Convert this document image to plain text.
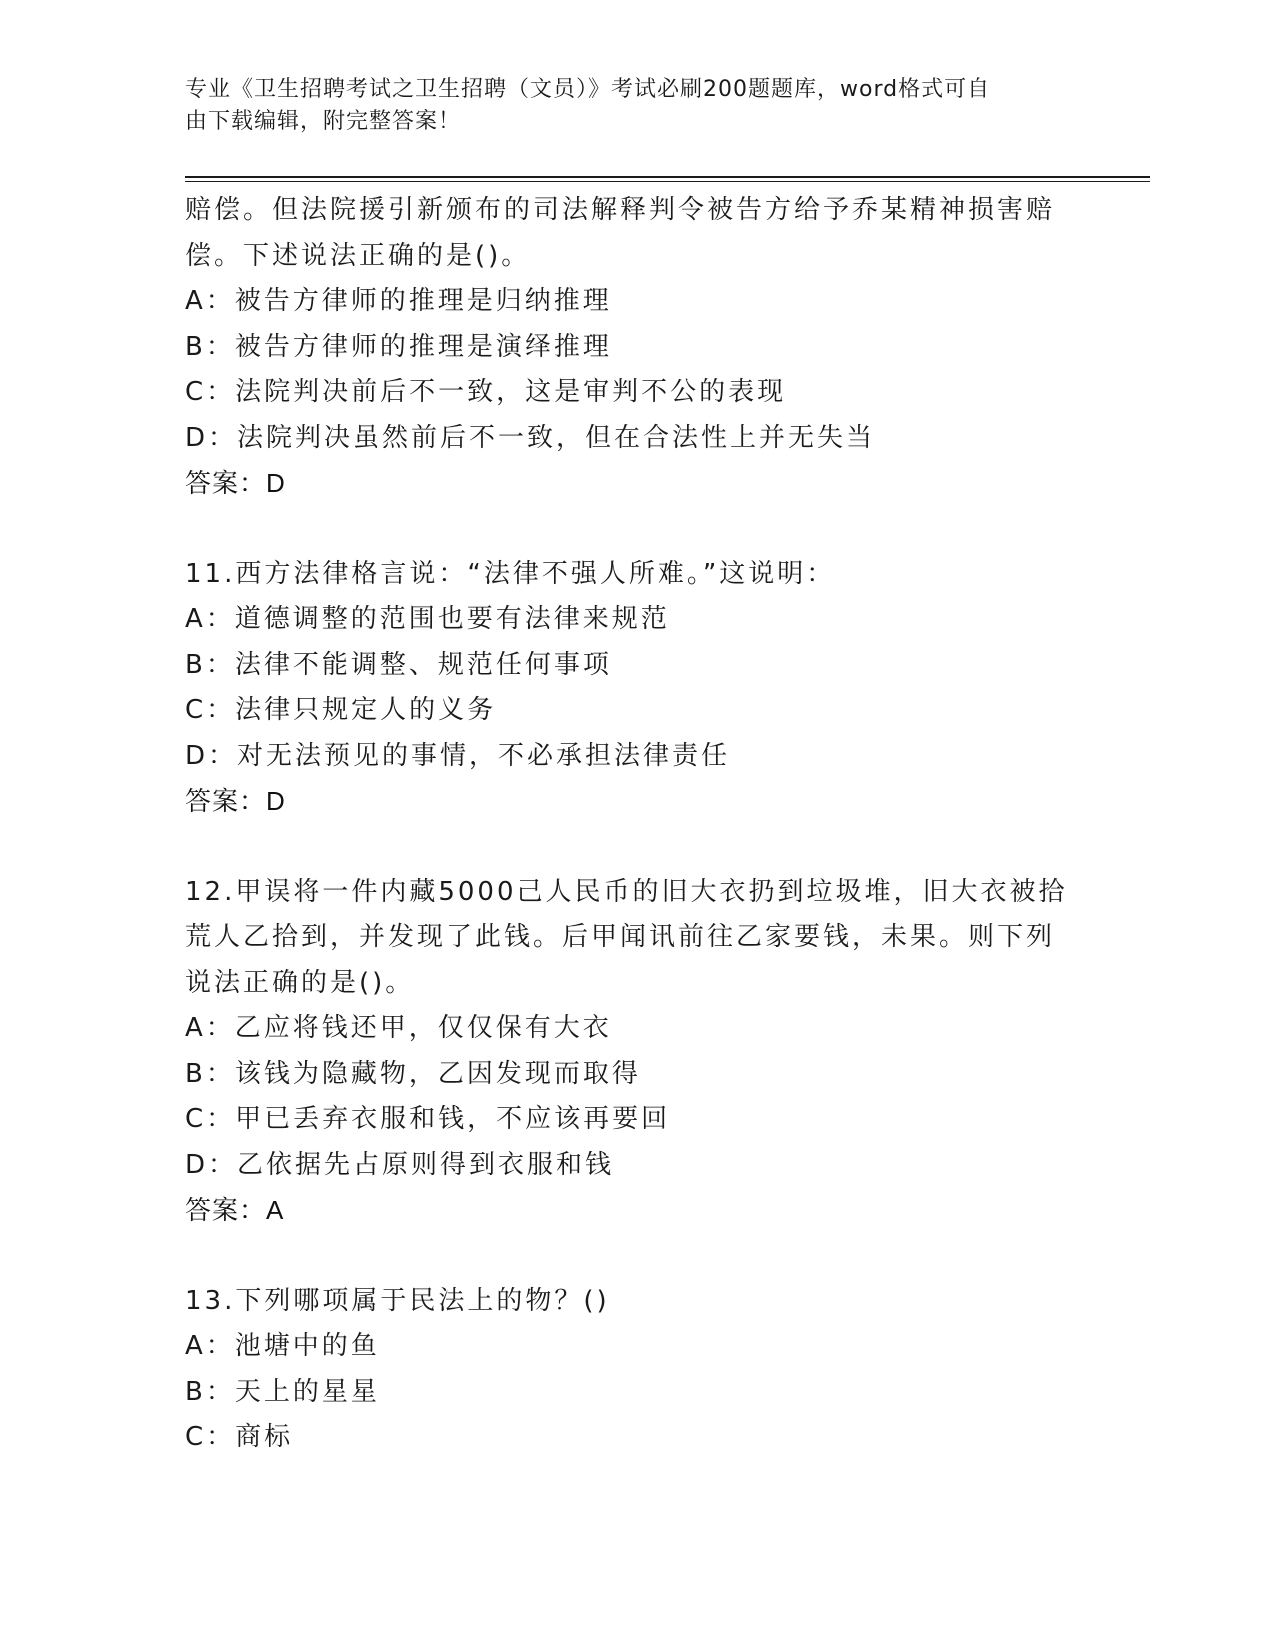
专业《卫生招聘考试之卫生招聘（文员）》考试必刷200题题库，word格式可自
由下载编辑，附完整答案！
赔偿。但法院援引新颁布的司法解释判令被告方给予乔某精神损害赔
偿。下述说法正确的是()。
A：被告方律师的推理是归纳推理
B：被告方律师的推理是演绎推理
C：法院判决前后不一致，这是审判不公的表现
D：法院判决虽然前后不一致，但在合法性上并无失当
答案：D
11.西方法律格言说：“法律不强人所难。”这说明：
A：道德调整的范围也要有法律来规范
B：法律不能调整、规范任何事项
C：法律只规定人的义务
D：对无法预见的事情，不必承担法律责任
答案：D
12.甲误将一件内藏5000己人民币的旧大衣扔到垃圾堆，旧大衣被拾
荒人乙拾到，并发现了此钱。后甲闻讯前往乙家要钱，未果。则下列
说法正确的是()。
A：乙应将钱还甲，仅仅保有大衣
B：该钱为隐藏物，乙因发现而取得
C：甲已丢弃衣服和钱，不应该再要回
D：乙依据先占原则得到衣服和钱
答案：A
13.下列哪项属于民法上的物？()
A：池塘中的鱼
B：天上的星星
C：商标
